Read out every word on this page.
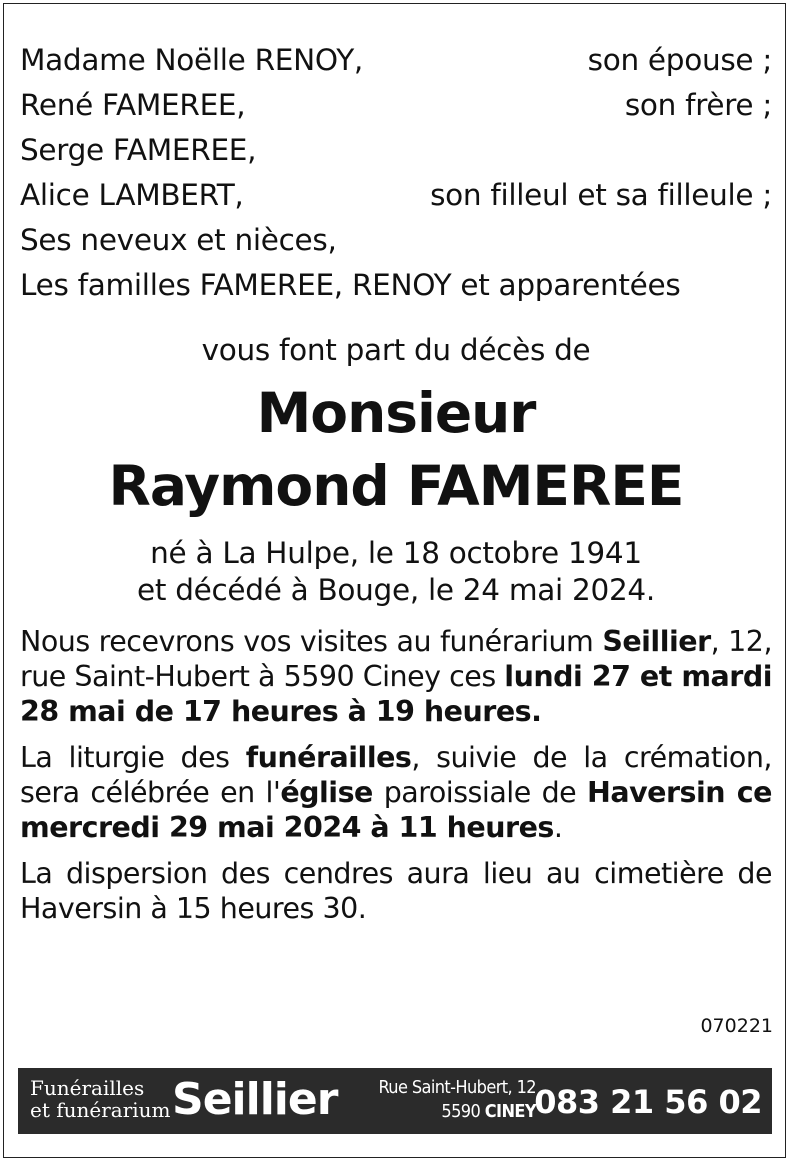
Madame Noëlle RENOY,	son épouse ;
René FAMEREE,	son frère ;
Serge FAMEREE,
Alice LAMBERT,	son filleul et sa filleule ;
Ses neveux et nièces,
Les familles FAMEREE, RENOY et apparentées
vous font part du décès de
Monsieur
Raymond FAMEREE
né à La Hulpe, le 18 octobre 1941
et décédé à Bouge, le 24 mai 2024.
Nous recevrons vos visites au funérarium Seillier, 12, rue Saint-Hubert à 5590 Ciney ces lundi 27 et mardi 28 mai de 17 heures à 19 heures.
La liturgie des funérailles, suivie de la crémation, sera célébrée en l'église paroissiale de Haversin ce mercredi 29 mai 2024 à 11 heures.
La dispersion des cendres aura lieu au cimetière de Haversin à 15 heures 30.
070221
Funérailles
et funérarium Seillier	Rue Saint-Hubert, 12
5590 CINEY
083 21 56 02
